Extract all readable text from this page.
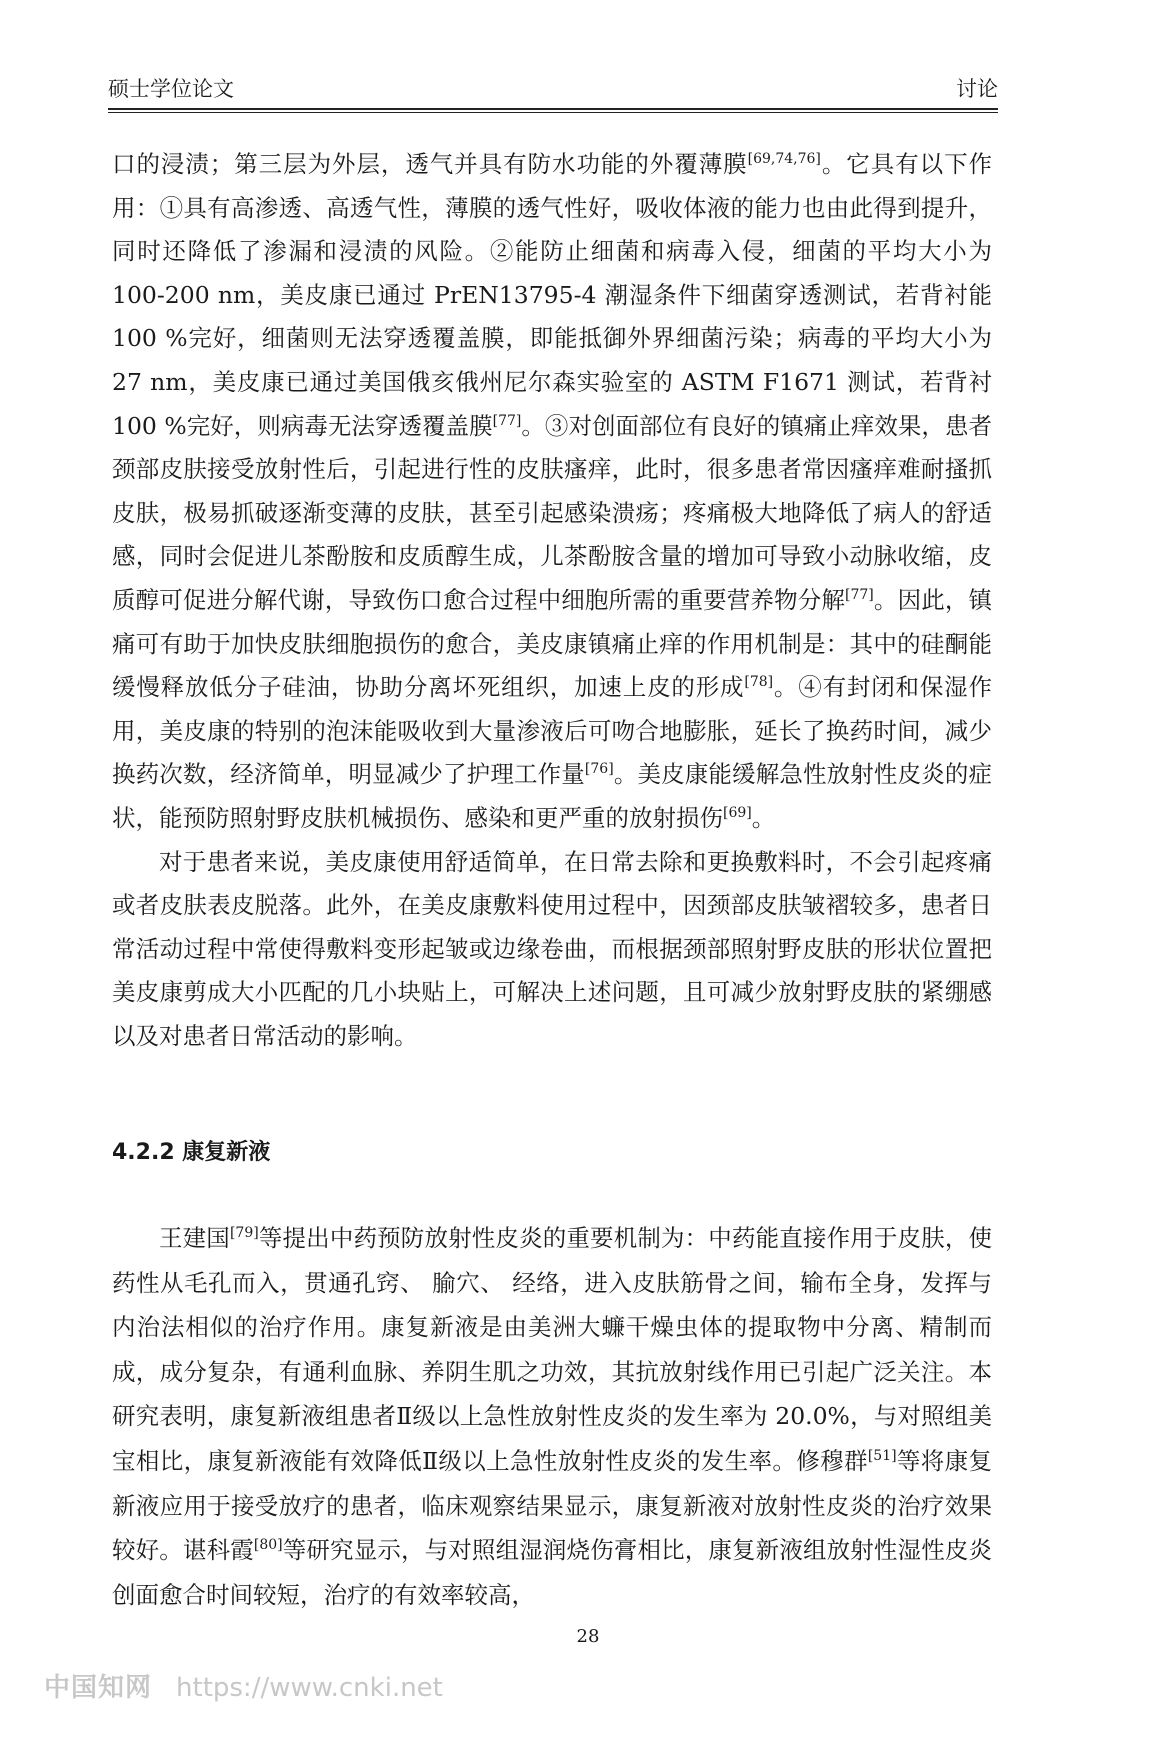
硕士学位论文	讨论

口的浸渍；第三层为外层，透气并具有防水功能的外覆薄膜[69,74,76]。它具有以下作用：①具有高渗透、高透气性，薄膜的透气性好，吸收体液的能力也由此得到提升，同时还降低了渗漏和浸渍的风险。②能防止细菌和病毒入侵，细菌的平均大小为 100-200 nm，美皮康已通过 PrEN13795-4 潮湿条件下细菌穿透测试，若背衬能 100 %完好，细菌则无法穿透覆盖膜，即能抵御外界细菌污染；病毒的平均大小为 27 nm，美皮康已通过美国俄亥俄州尼尔森实验室的 ASTM F1671 测试，若背衬 100 %完好，则病毒无法穿透覆盖膜[77]。③对创面部位有良好的镇痛止痒效果，患者颈部皮肤接受放射性后，引起进行性的皮肤瘙痒，此时，很多患者常因瘙痒难耐搔抓皮肤，极易抓破逐渐变薄的皮肤，甚至引起感染溃疡；疼痛极大地降低了病人的舒适感，同时会促进儿茶酚胺和皮质醇生成，儿茶酚胺含量的增加可导致小动脉收缩，皮质醇可促进分解代谢，导致伤口愈合过程中细胞所需的重要营养物分解[77]。因此，镇痛可有助于加快皮肤细胞损伤的愈合，美皮康镇痛止痒的作用机制是：其中的硅酮能缓慢释放低分子硅油，协助分离坏死组织，加速上皮的形成[78]。④有封闭和保湿作用，美皮康的特别的泡沫能吸收到大量渗液后可吻合地膨胀，延长了换药时间，减少换药次数，经济简单，明显减少了护理工作量[76]。美皮康能缓解急性放射性皮炎的症状，能预防照射野皮肤机械损伤、感染和更严重的放射损伤[69]。

对于患者来说，美皮康使用舒适简单，在日常去除和更换敷料时，不会引起疼痛或者皮肤表皮脱落。此外，在美皮康敷料使用过程中，因颈部皮肤皱褶较多，患者日常活动过程中常使得敷料变形起皱或边缘卷曲，而根据颈部照射野皮肤的形状位置把美皮康剪成大小匹配的几小块贴上，可解决上述问题，且可减少放射野皮肤的紧绷感以及对患者日常活动的影响。

4.2.2 康复新液

王建国[79]等提出中药预防放射性皮炎的重要机制为：中药能直接作用于皮肤，使药性从毛孔而入，贯通孔窍、 腧穴、 经络，进入皮肤筋骨之间，输布全身，发挥与内治法相似的治疗作用。康复新液是由美洲大蠊干燥虫体的提取物中分离、精制而成，成分复杂，有通利血脉、养阴生肌之功效，其抗放射线作用已引起广泛关注。本研究表明，康复新液组患者Ⅱ级以上急性放射性皮炎的发生率为 20.0%，与对照组美宝相比，康复新液能有效降低Ⅱ级以上急性放射性皮炎的发生率。修穆群[51]等将康复新液应用于接受放疗的患者，临床观察结果显示，康复新液对放射性皮炎的治疗效果较好。谌科霞[80]等研究显示，与对照组湿润烧伤膏相比，康复新液组放射性湿性皮炎创面愈合时间较短，治疗的有效率较高，

28
中国知网 https://www.cnki.net
